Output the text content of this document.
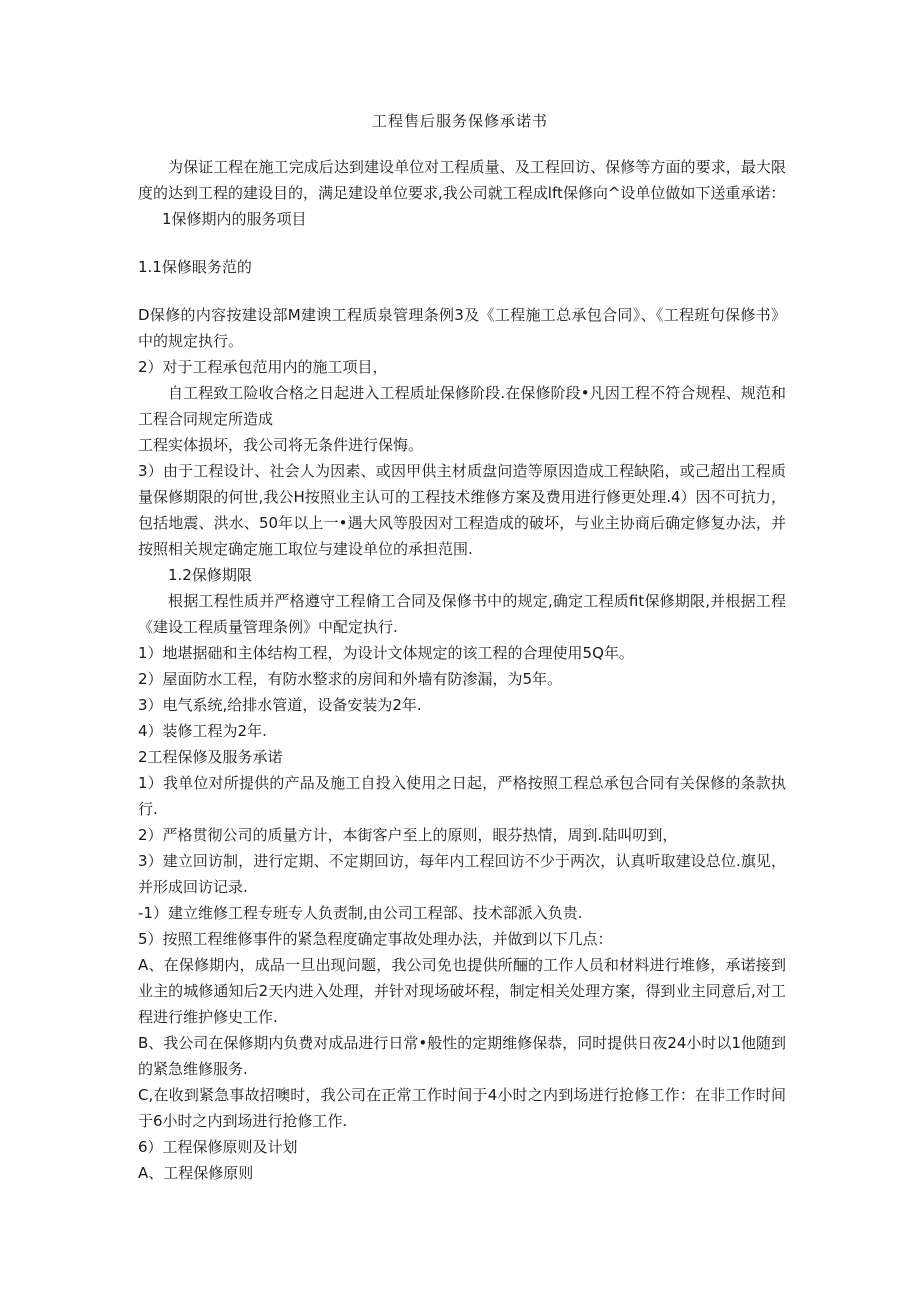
工程售后服务保修承诺书

为保证工程在施工完成后达到建设单位对工程质量、及工程回访、保修等方面的要求，最大限度的达到工程的建设目的，满足建设单位要求,我公司就工程成lft保修向^设单位做如下送重承诺：

1保修期内的服务项目

1.1保修眼务范的

D保修的内容按建设部M建谀工程质泉管理条例3及《工程施工总承包合同》、《工程班句保修书》中的规定执行。

2）对于工程承包范用内的施工项目，

自工程致工险收合格之日起进入工程质址保修阶段.在保修阶段•凡因工程不符合规程、规范和工程合同规定所造成

工程实体损坏，我公司将无条件进行保悔。

3）由于工程设计、社会人为因素、或因甲供主材质盘问造等原因造成工程缺陷，或己超出工程质量保修期限的何世,我公H按照业主认可的工程技术维修方案及费用进行修更处理.4）因不可抗力，包括地震、洪水、50年以上一•遇大风等股因对工程造成的破坏，与业主协商后确定修复办法，并按照相关规定确定施工取位与建设单位的承担范围.

1.2保修期限

根据工程性质并严格遵守工程脩工合同及保修书中的规定,确定工程质fit保修期限,并根据工程《建设工程质量管理条例》中配定执行.

1）地堪据础和主体结构工程，为设计文体规定的该工程的合理使用5Q年。

2）屋面防水工程，有防水整求的房间和外墙有防渗漏，为5年。

3）电气系统,给排水管道，设备安装为2年.

4）装修工程为2年.

2工程保修及服务承诺

1）我单位对所提供的产品及施工自投入使用之日起，严格按照工程总承包合同有关保修的条款执行.

2）严格贯彻公司的质量方计，本街客户至上的原则，眼芬热情，周到.陆叫叨到，

3）建立回访制，进行定期、不定期回访，每年内工程回访不少于两次，认真听取建设总位.旗见，并形成回访记录.

-1）建立维修工程专班专人负责制,由公司工程部、技术部派入负贵.

5）按照工程维修事件的紧急程度确定事故处理办法，并做到以下几点：

A、在保修期内，成品一旦出现问题，我公司免也提供所酾的工作人员和材料进行堆修，承诺接到业主的城修通知后2天内进入处理，并针对现场破坏程，制定相关处理方案，得到业主同意后,对工程进行维护修史工作.

B、我公司在保修期内负费对成品进行日常•般性的定期维修保恭，同时提供日夜24小时以1他随到的紧急维修服务.

C,在收到紧急事故招噢时，我公司在正常工作时间于4小时之内到场进行抢修工作：在非工作时间于6小时之内到场进行抢修工作.

6）工程保修原则及计划

A、工程保修原则
